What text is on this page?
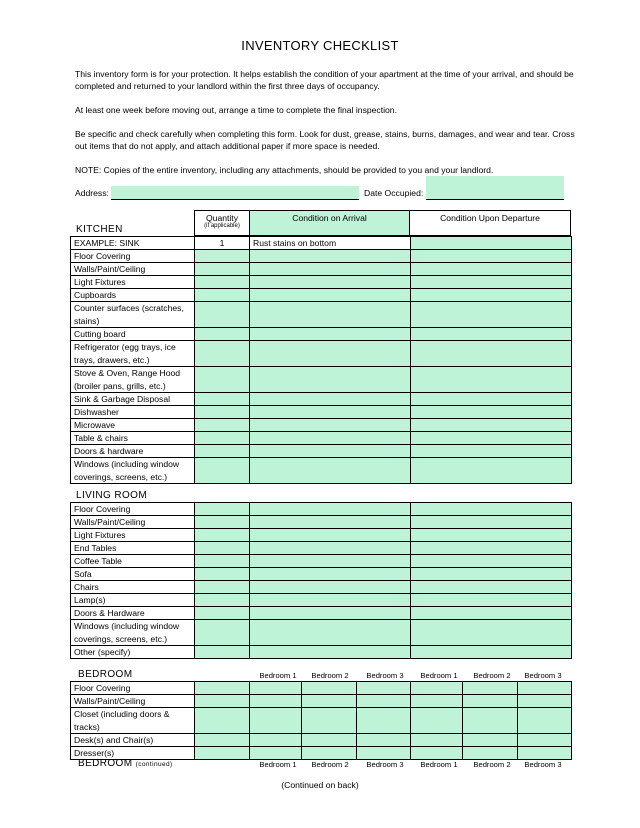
INVENTORY CHECKLIST
This inventory form is for your protection. It helps establish the condition of your apartment at the time of your arrival, and should be completed and returned to your landlord within the first three days of occupancy.
At least one week before moving out, arrange a time to complete the final inspection.
Be specific and check carefully when completing this form. Look for dust, grease, stains, burns, damages, and wear and tear. Cross out items that do not apply, and attach additional paper if more space is needed.
NOTE: Copies of the entire inventory, including any attachments, should be provided to you and your landlord.
Address:	Date Occupied:
KITCHEN
Quantity
(if applicable)
Condition on Arrival	Condition Upon Departure
EXAMPLE: SINK	1	Rust stains on bottom	
Floor Covering			
Walls/Paint/Ceiling			
Light Fixtures			
Cupboards			
Counter surfaces (scratches, stains)			
Cutting board			
Refrigerator (egg trays, ice trays, drawers, etc.)			
Stove & Oven, Range Hood (broiler pans, grills, etc.)			
Sink & Garbage Disposal			
Dishwasher			
Microwave			
Table & chairs			
Doors & hardware			
Windows (including window coverings, screens, etc.)			
LIVING ROOM
Floor Covering			
Walls/Paint/Ceiling			
Light Fixtures			
End Tables			
Coffee Table			
Sofa			
Chairs			
Lamp(s)			
Doors & Hardware			
Windows (including window coverings, screens, etc.)			
Other (specify)			
BEDROOM	Bedroom 1	Bedroom 2	Bedroom 3	Bedroom 1	Bedroom 2	Bedroom 3
Floor Covering							
Walls/Paint/Ceiling							
Closet (including doors & tracks)							
Desk(s) and Chair(s)							
Dresser(s)							
BEDROOM (continued)	Bedroom 1	Bedroom 2	Bedroom 3	Bedroom 1	Bedroom 2	Bedroom 3
(Continued on back)
